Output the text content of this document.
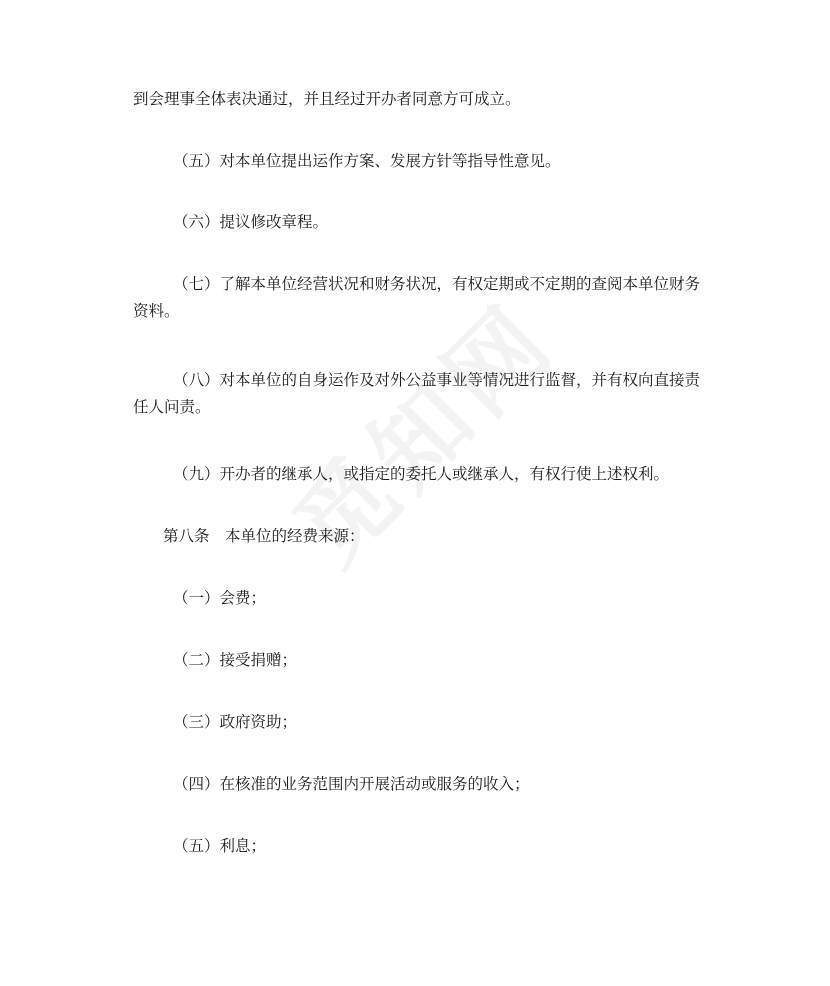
到会理事全体表决通过，并且经过开办者同意方可成立。

（五）对本单位提出运作方案、发展方针等指导性意见。

（六）提议修改章程。

（七）了解本单位经营状况和财务状况，有权定期或不定期的查阅本单位财务资料。

（八）对本单位的自身运作及对外公益事业等情况进行监督，并有权向直接责任人问责。

（九）开办者的继承人，或指定的委托人或继承人，有权行使上述权利。

第八条　本单位的经费来源：

（一）会费；

（二）接受捐赠；

（三）政府资助；

（四）在核准的业务范围内开展活动或服务的收入；

（五）利息；
